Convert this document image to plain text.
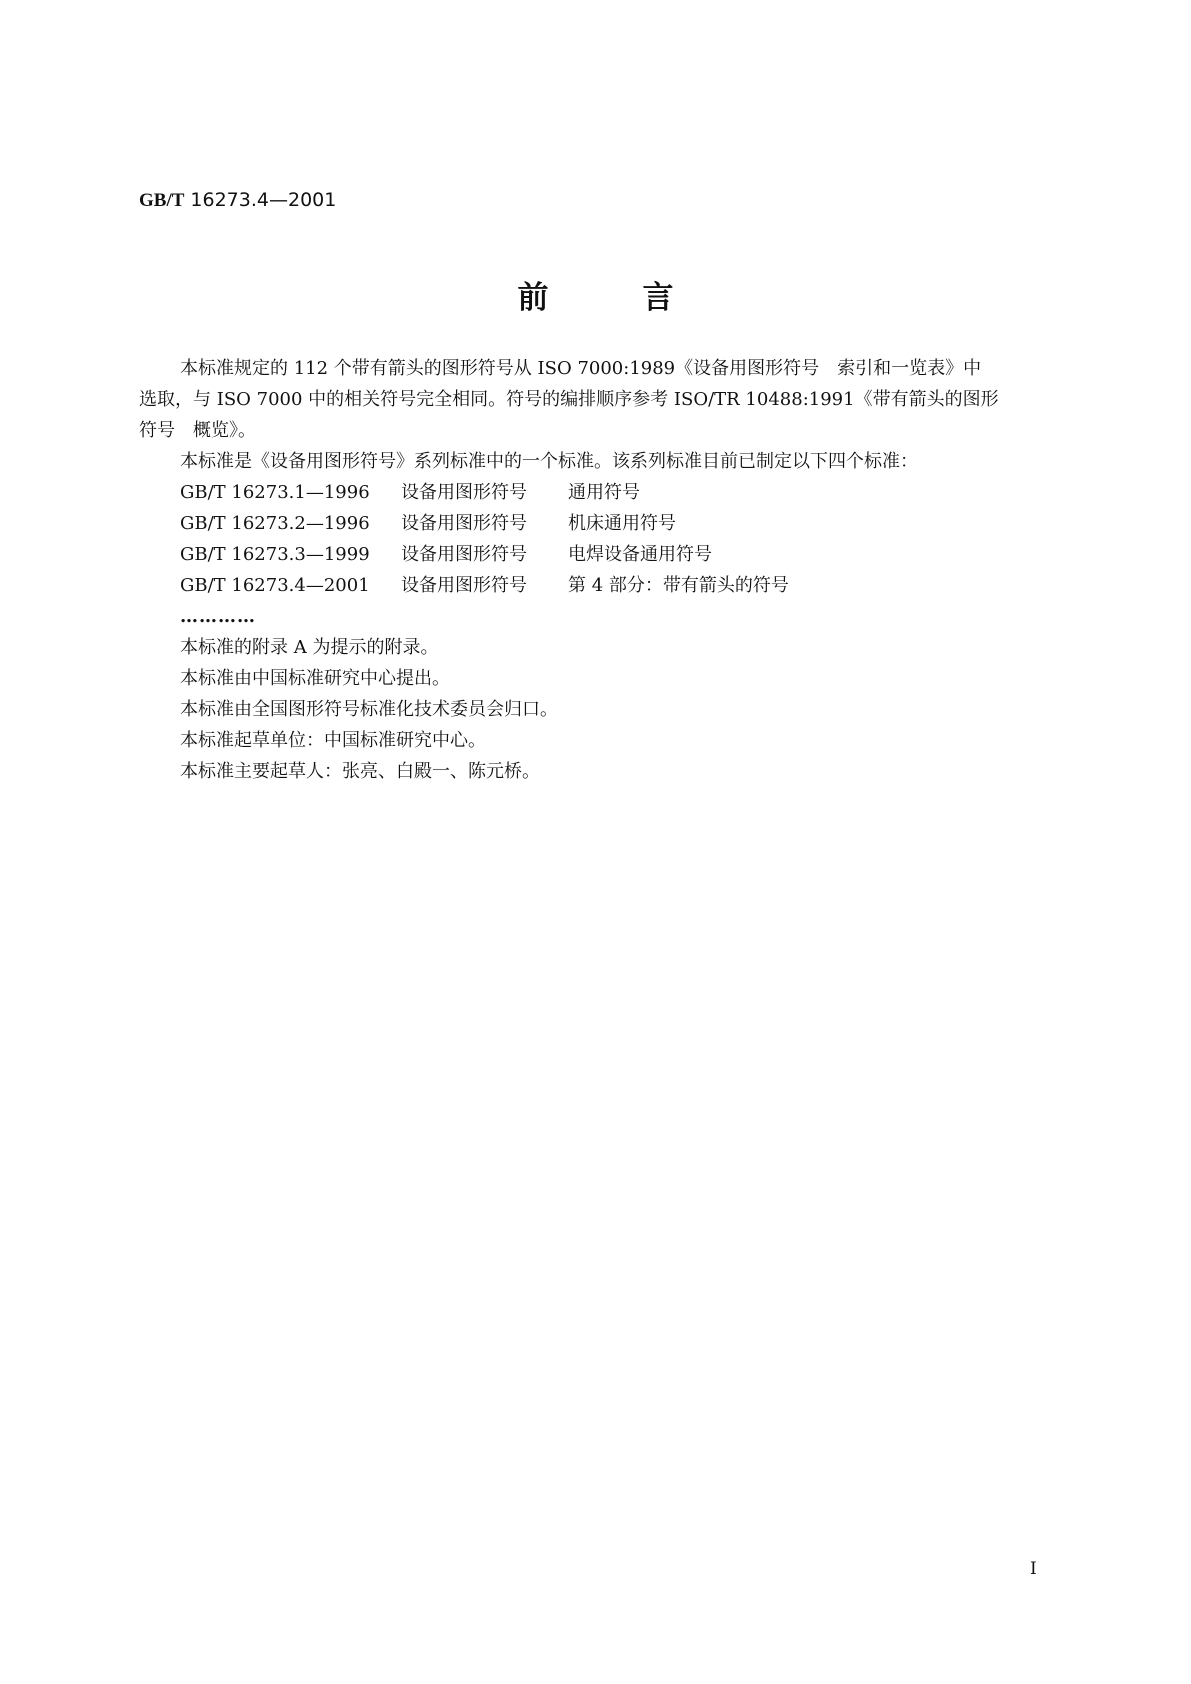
GB/T 16273.4—2001
前言

本标准规定的 112 个带有箭头的图形符号从 ISO 7000:1989《设备用图形符号　索引和一览表》中

选取，与 ISO 7000 中的相关符号完全相同。符号的编排顺序参考 ISO/TR 10488:1991《带有箭头的图形

符号　概览》。

本标准是《设备用图形符号》系列标准中的一个标准。该系列标准目前已制定以下四个标准：

GB/T 16273.1—1996 设备用图形符号 通用符号

GB/T 16273.2—1996 设备用图形符号 机床通用符号

GB/T 16273.3—1999 设备用图形符号 电焊设备通用符号

GB/T 16273.4—2001 设备用图形符号 第 4 部分：带有箭头的符号

…………

本标准的附录 A 为提示的附录。

本标准由中国标准研究中心提出。

本标准由全国图形符号标准化技术委员会归口。

本标准起草单位：中国标准研究中心。

本标准主要起草人：张亮、白殿一、陈元桥。

I
